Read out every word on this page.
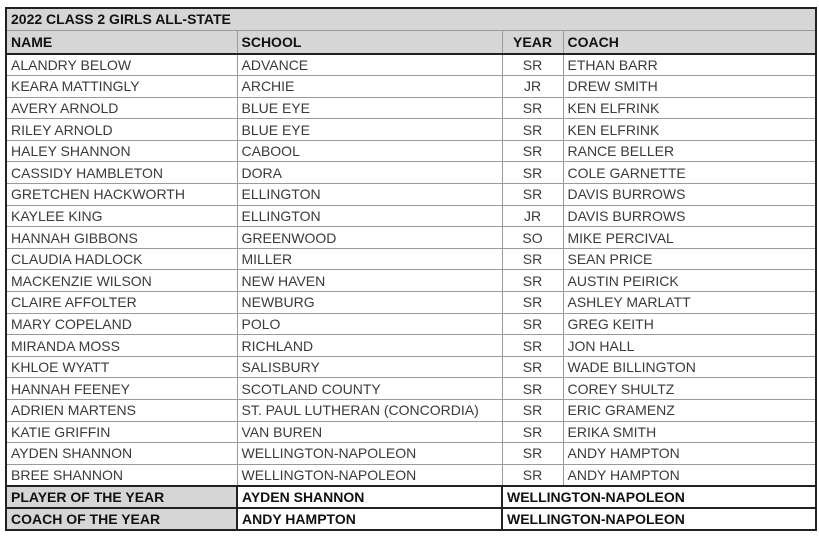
2022 CLASS 2 GIRLS ALL-STATE			
NAME	SCHOOL	YEAR	COACH
ALANDRY BELOW	ADVANCE	SR	ETHAN BARR
KEARA MATTINGLY	ARCHIE	JR	DREW SMITH
AVERY ARNOLD	BLUE EYE	SR	KEN ELFRINK
RILEY ARNOLD	BLUE EYE	SR	KEN ELFRINK
HALEY SHANNON	CABOOL	SR	RANCE BELLER
CASSIDY HAMBLETON	DORA	SR	COLE GARNETTE
GRETCHEN HACKWORTH	ELLINGTON	SR	DAVIS BURROWS
KAYLEE KING	ELLINGTON	JR	DAVIS BURROWS
HANNAH GIBBONS	GREENWOOD	SO	MIKE PERCIVAL
CLAUDIA HADLOCK	MILLER	SR	SEAN PRICE
MACKENZIE WILSON	NEW HAVEN	SR	AUSTIN PEIRICK
CLAIRE AFFOLTER	NEWBURG	SR	ASHLEY MARLATT
MARY COPELAND	POLO	SR	GREG KEITH
MIRANDA MOSS	RICHLAND	SR	JON HALL
KHLOE WYATT	SALISBURY	SR	WADE BILLINGTON
HANNAH FEENEY	SCOTLAND COUNTY	SR	COREY SHULTZ
ADRIEN MARTENS	ST. PAUL LUTHERAN (CONCORDIA)	SR	ERIC GRAMENZ
KATIE GRIFFIN	VAN BUREN	SR	ERIKA SMITH
AYDEN SHANNON	WELLINGTON-NAPOLEON	SR	ANDY HAMPTON
BREE SHANNON	WELLINGTON-NAPOLEON	SR	ANDY HAMPTON
PLAYER OF THE YEAR	AYDEN SHANNON	WELLINGTON-NAPOLEON	
COACH OF THE YEAR	ANDY HAMPTON	WELLINGTON-NAPOLEON	
